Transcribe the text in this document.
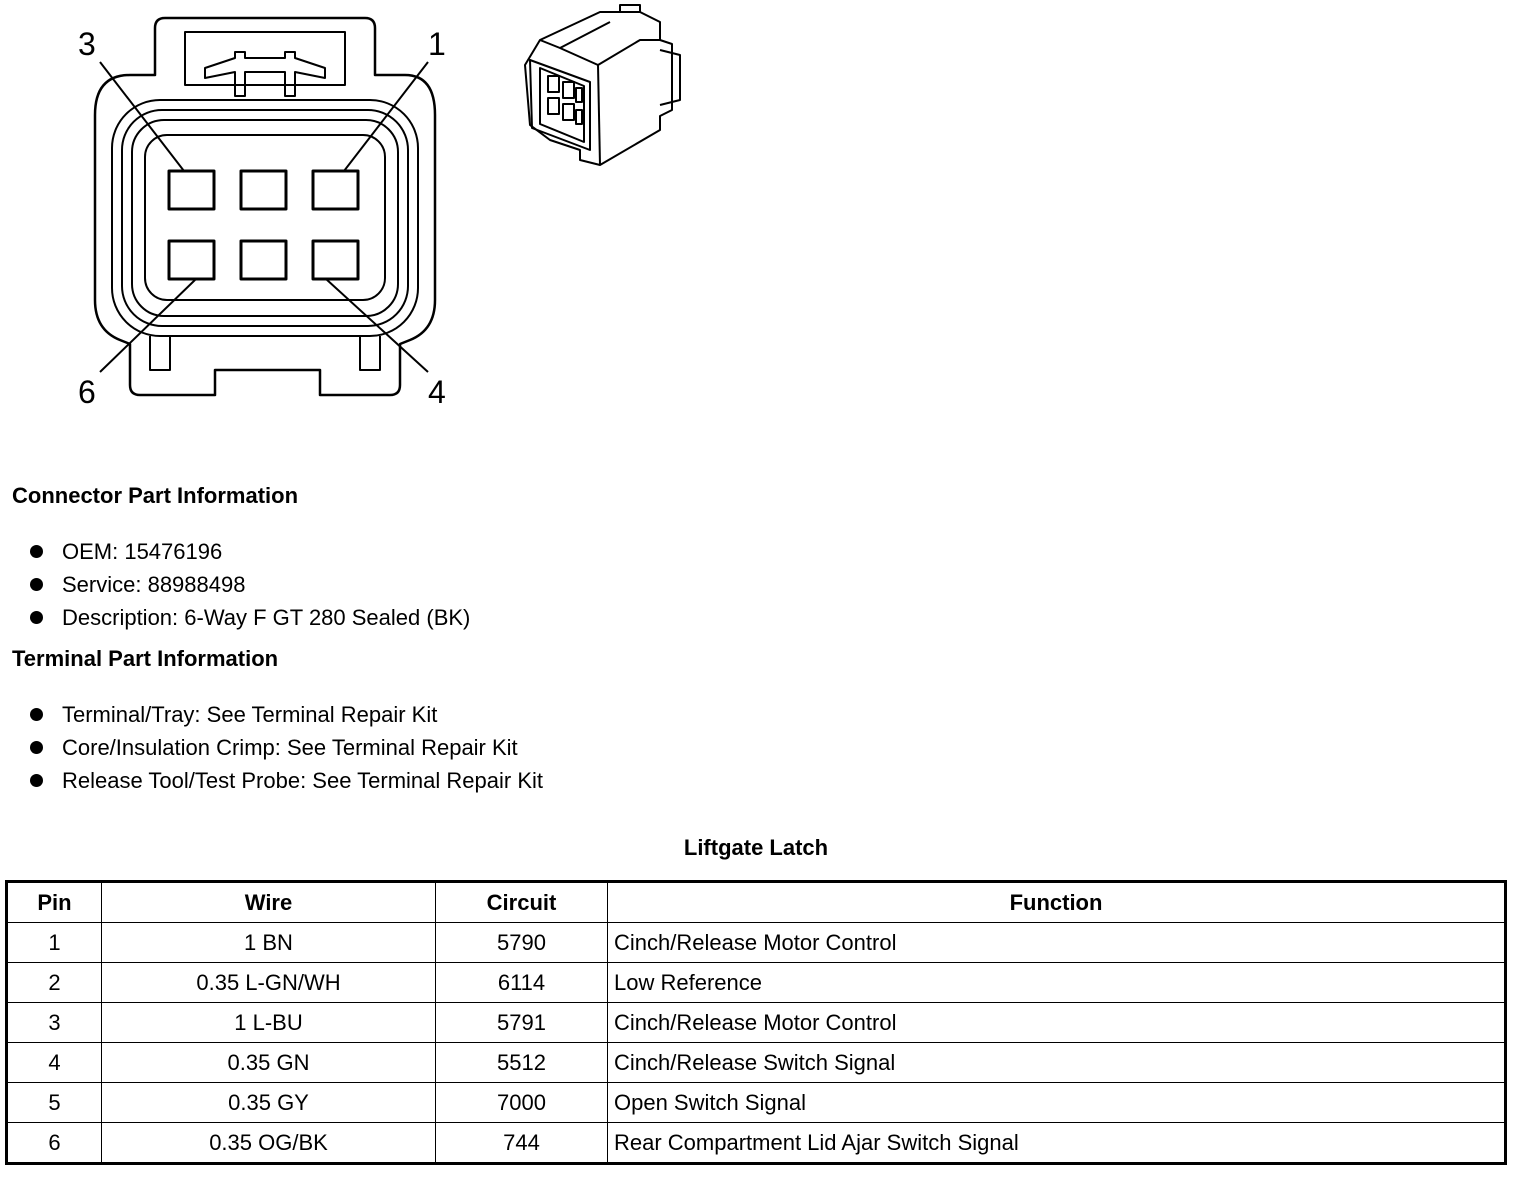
3	1
6	4
Connector Part Information
OEM: 15476196
Service: 88988498
Description: 6-Way F GT 280 Sealed (BK)
Terminal Part Information
Terminal/Tray: See Terminal Repair Kit
Core/Insulation Crimp: See Terminal Repair Kit
Release Tool/Test Probe: See Terminal Repair Kit
Liftgate Latch
Pin	Wire	Circuit	Function
1	1 BN	5790	Cinch/Release Motor Control
2	0.35 L-GN/WH	6114	Low Reference
3	1 L-BU	5791	Cinch/Release Motor Control
4	0.35 GN	5512	Cinch/Release Switch Signal
5	0.35 GY	7000	Open Switch Signal
6	0.35 OG/BK	744	Rear Compartment Lid Ajar Switch Signal
